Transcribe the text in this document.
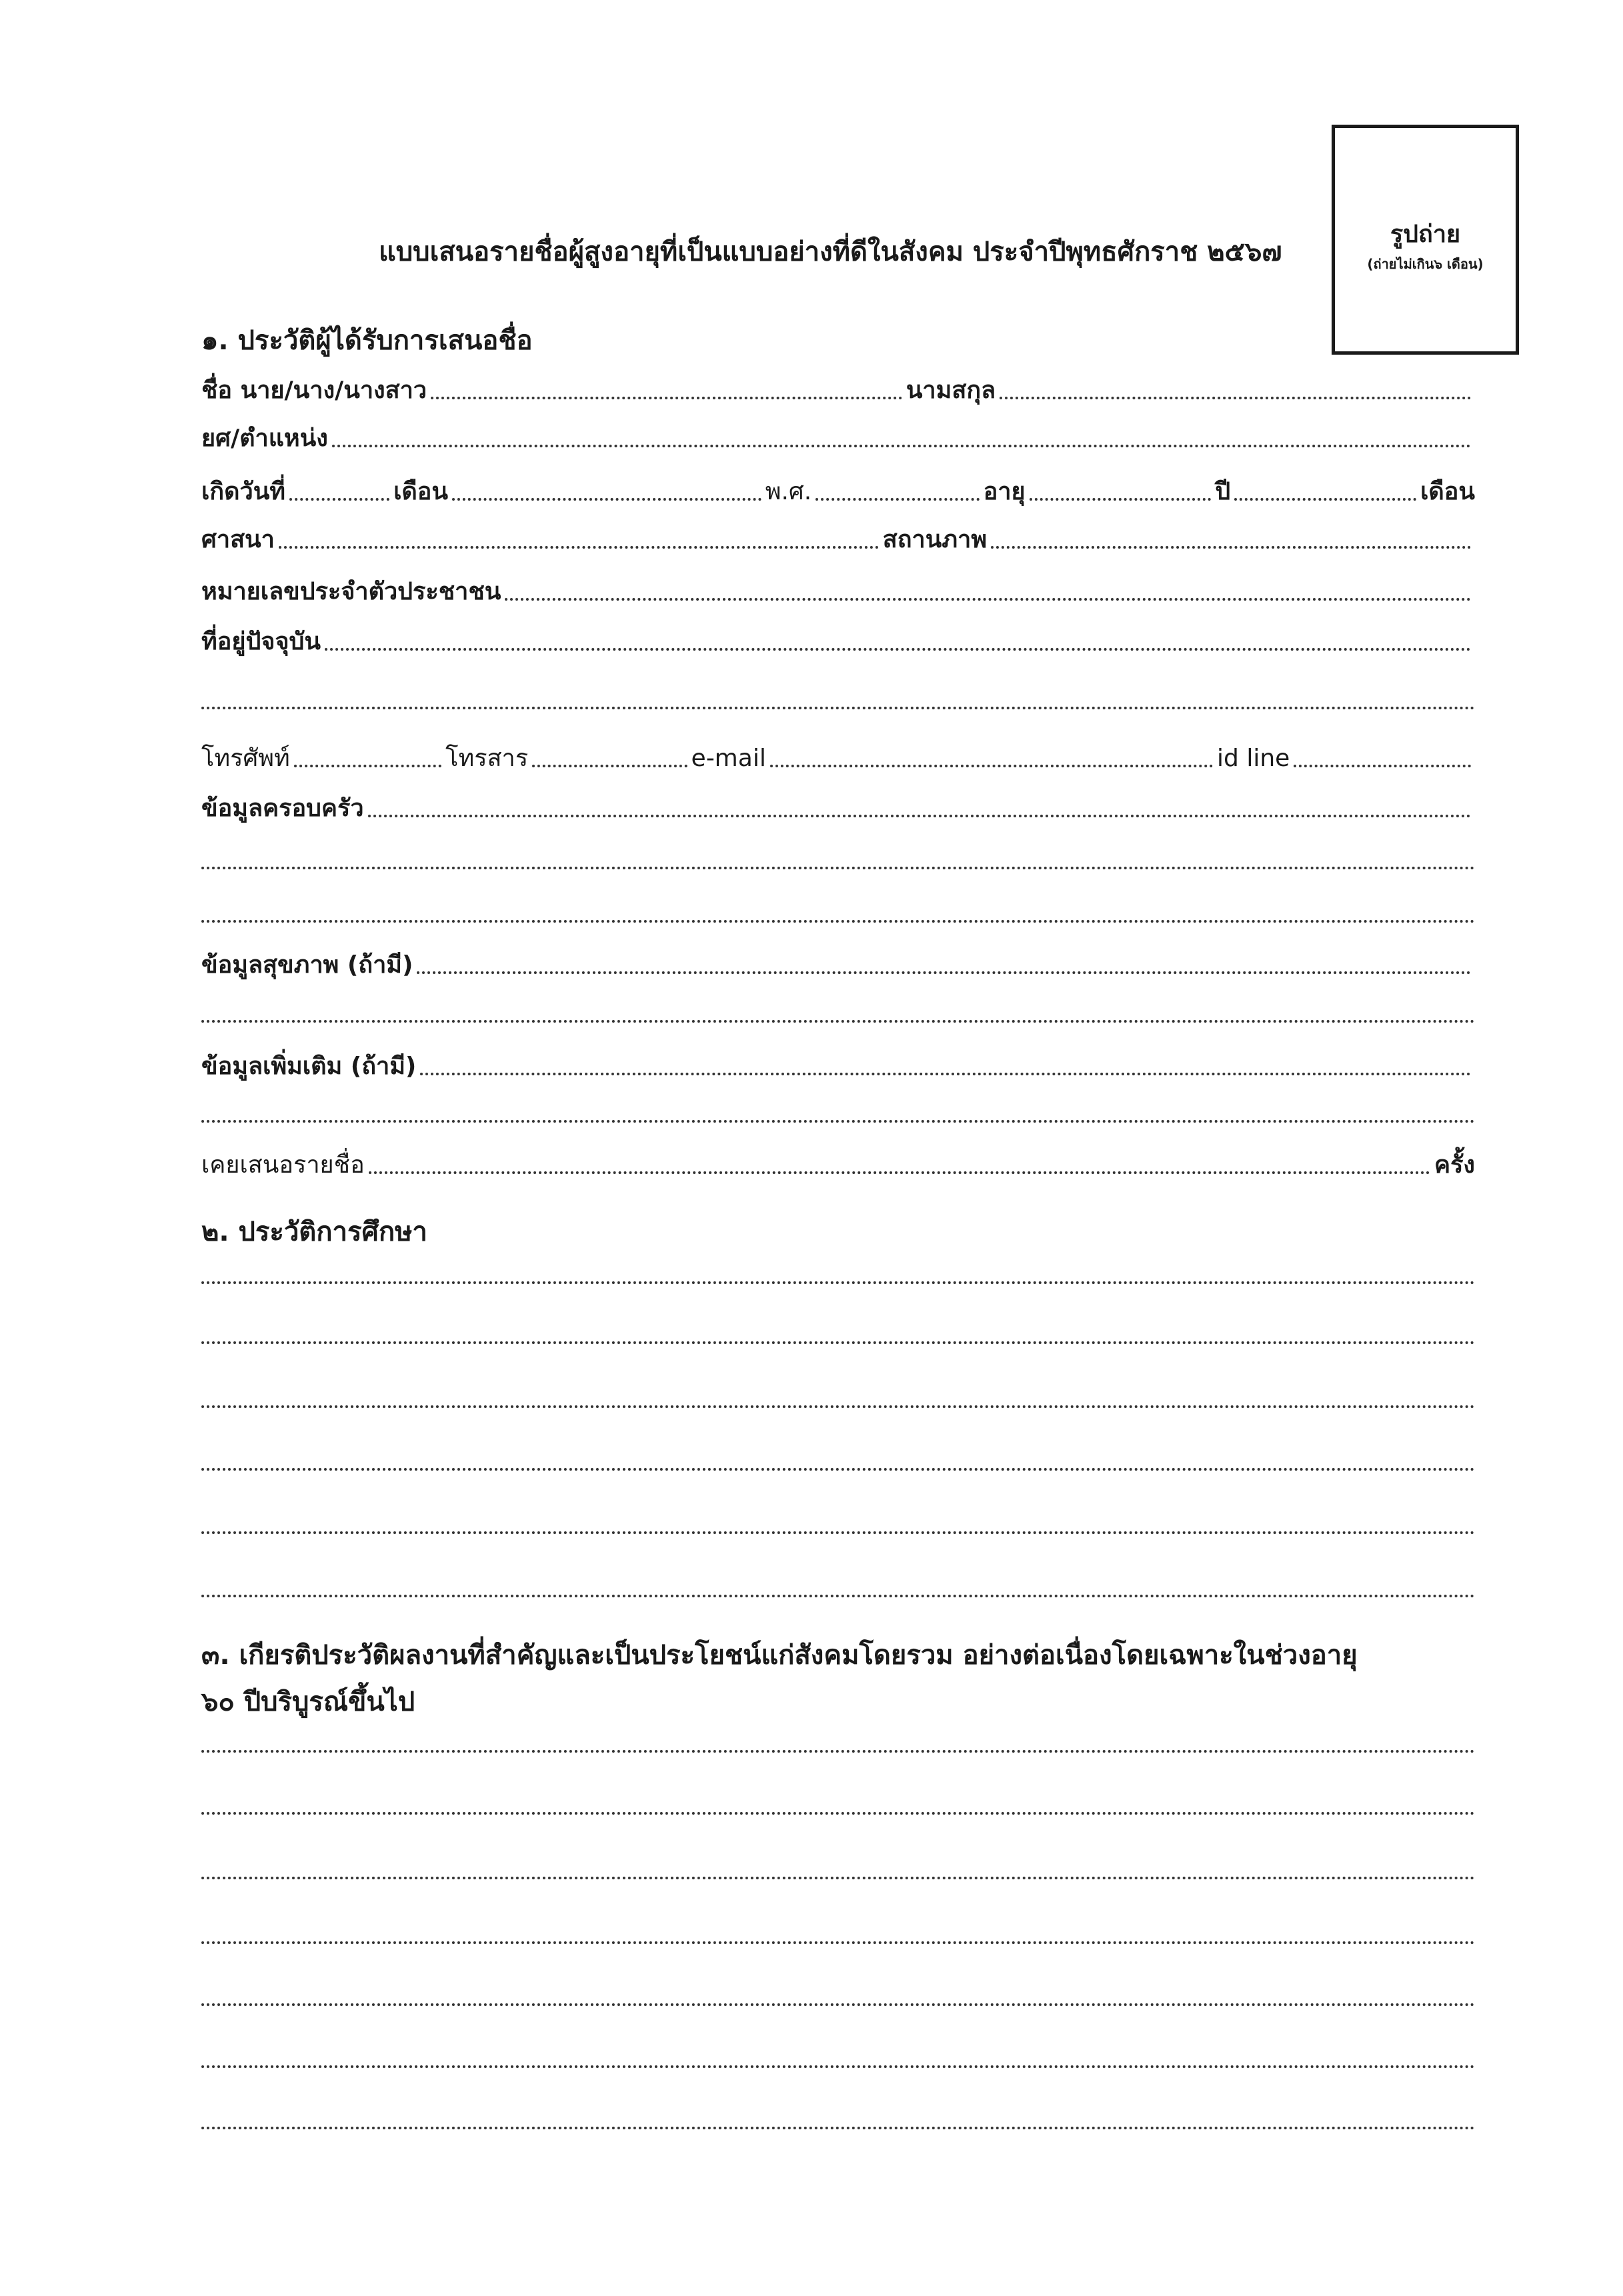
รูปถ่าย
(ถ่ายไม่เกิน๖ เดือน)
แบบเสนอรายชื่อผู้สูงอายุที่เป็นแบบอย่างที่ดีในสังคม ประจำปีพุทธศักราช ๒๕๖๗
๑. ประวัติผู้ได้รับการเสนอชื่อ
ชื่อ นาย/นาง/นางสาว	นามสกุล
ยศ/ตำแหน่ง
เกิดวันที่	เดือน	พ.ศ.	อายุ	ปี	เดือน
ศาสนา	สถานภาพ
หมายเลขประจำตัวประชาชน
ที่อยู่ปัจจุบัน
โทรศัพท์	โทรสาร	e-mail	id line
ข้อมูลครอบครัว
ข้อมูลสุขภาพ (ถ้ามี)
ข้อมูลเพิ่มเติม (ถ้ามี)
เคยเสนอรายชื่อ	ครั้ง
๒. ประวัติการศึกษา
๓. เกียรติประวัติผลงานที่สำคัญและเป็นประโยชน์แก่สังคมโดยรวม อย่างต่อเนื่องโดยเฉพาะในช่วงอายุ
๖๐ ปีบริบูรณ์ขึ้นไป
